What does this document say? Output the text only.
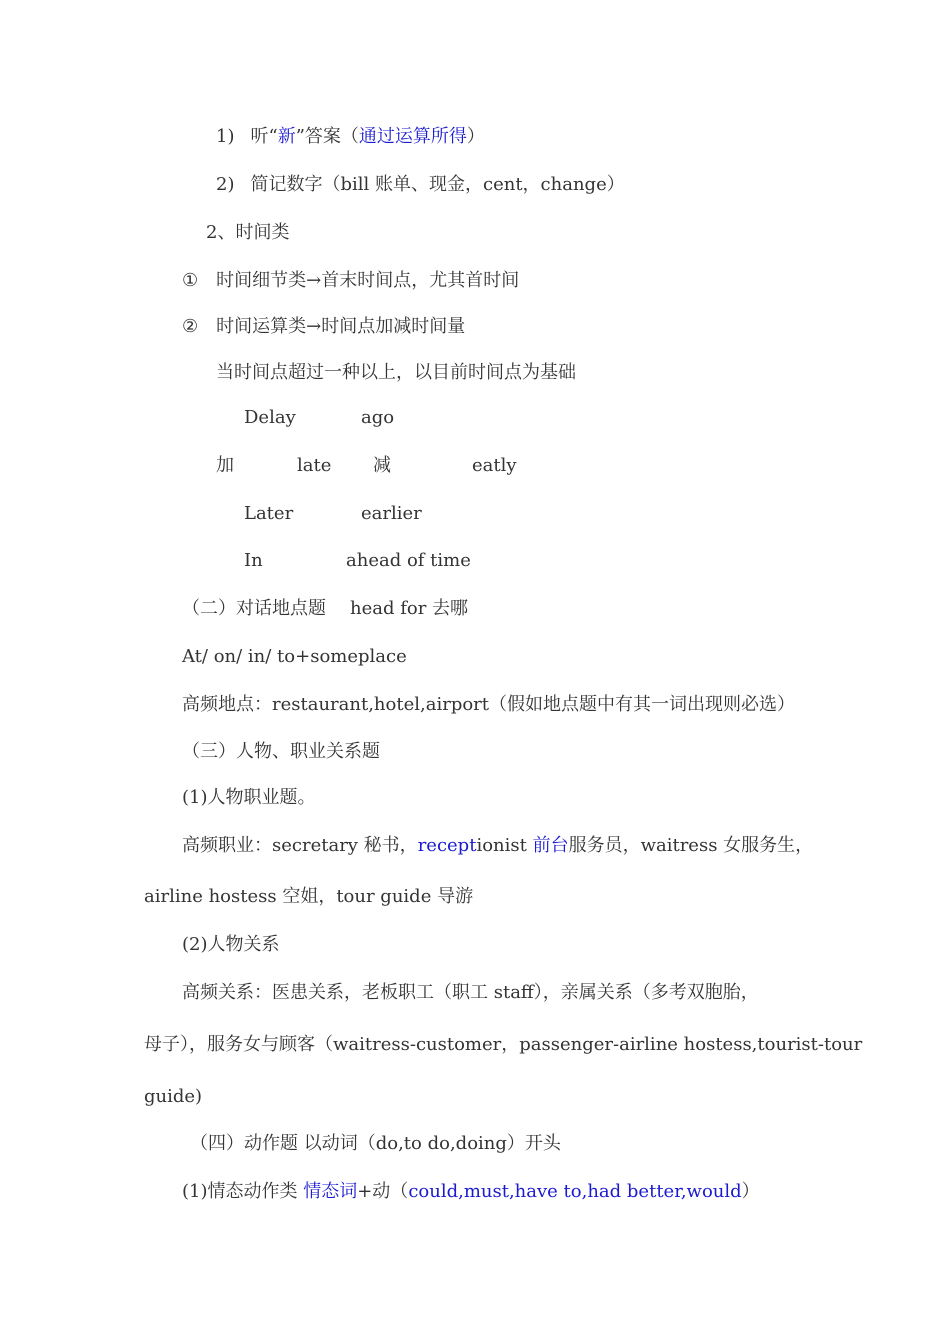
1) 听“新”答案（通过运算所得）
2) 简记数字（bill 账单、现金，cent，change）
2、时间类
① 时间细节类→首末时间点，尤其首时间
② 时间运算类→时间点加减时间量
当时间点超过一种以上，以目前时间点为基础
Delay	ago
加	late 减	eatly
Later	earlier
In	ahead of time
（二）对话地点题 head for 去哪
At/ on/ in/ to+someplace
高频地点：restaurant,hotel,airport（假如地点题中有其一词出现则必选）
（三）人物、职业关系题
(1)人物职业题。
高频职业：secretary 秘书，receptionist 前台服务员，waitress 女服务生，
airline hostess 空姐，tour guide 导游
(2)人物关系
高频关系：医患关系，老板职工（职工 staff），亲属关系（多考双胞胎，
母子），服务女与顾客（waitress-customer，passenger-airline hostess,tourist-tour
guide)
（四）动作题 以动词（do,to do,doing）开头
(1)情态动作类 情态词+动（could,must,have to,had better,would）
